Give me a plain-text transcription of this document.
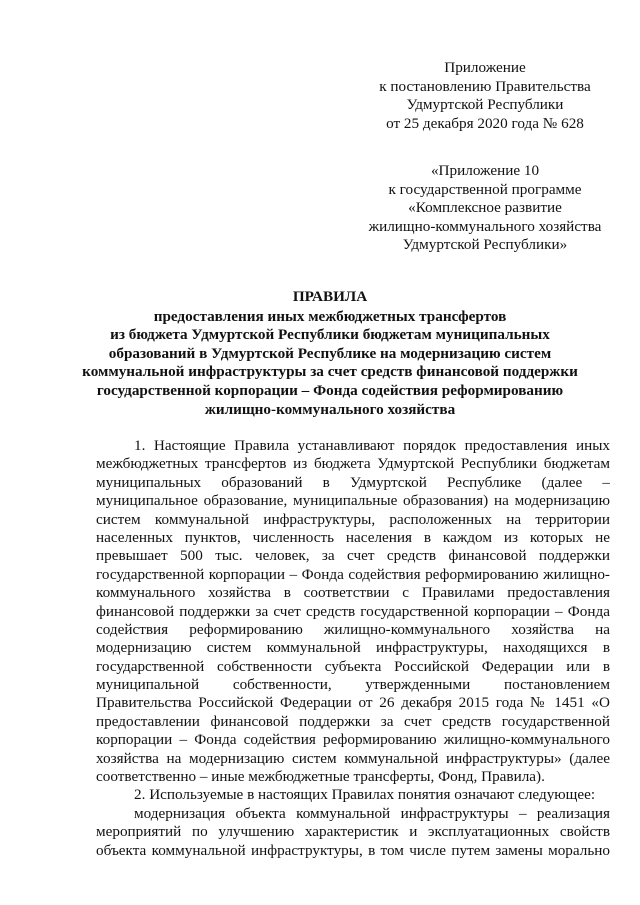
Приложение
к постановлению Правительства
Удмуртской Республики
от 25 декабря 2020 года № 628
«Приложение 10
к государственной программе
«Комплексное развитие
жилищно-коммунального хозяйства
Удмуртской Республики»
ПРАВИЛА
предоставления иных межбюджетных трансфертов
из бюджета Удмуртской Республики бюджетам муниципальных
образований в Удмуртской Республике на модернизацию систем
коммунальной инфраструктуры за счет средств финансовой поддержки
государственной корпорации – Фонда содействия реформированию
жилищно-коммунального хозяйства
1. Настоящие Правила устанавливают порядок предоставления иных
межбюджетных трансфертов из бюджета Удмуртской Республики бюджетам
муниципальных образований в Удмуртской Республике (далее –
муниципальное образование, муниципальные образования) на модернизацию
систем коммунальной инфраструктуры, расположенных на территории
населенных пунктов, численность населения в каждом из которых не
превышает 500 тыс. человек, за счет средств финансовой поддержки
государственной корпорации – Фонда содействия реформированию жилищно-
коммунального хозяйства в соответствии с Правилами предоставления
финансовой поддержки за счет средств государственной корпорации – Фонда
содействия реформированию жилищно-коммунального хозяйства на
модернизацию систем коммунальной инфраструктуры, находящихся в
государственной собственности субъекта Российской Федерации или в
муниципальной собственности, утвержденными постановлением
Правительства Российской Федерации от 26 декабря 2015 года № 1451 «О
предоставлении финансовой поддержки за счет средств государственной
корпорации – Фонда содействия реформированию жилищно-коммунального
хозяйства на модернизацию систем коммунальной инфраструктуры» (далее
соответственно – иные межбюджетные трансферты, Фонд, Правила).
2. Используемые в настоящих Правилах понятия означают следующее:
модернизация объекта коммунальной инфраструктуры – реализация
мероприятий по улучшению характеристик и эксплуатационных свойств
объекта коммунальной инфраструктуры, в том числе путем замены морально
